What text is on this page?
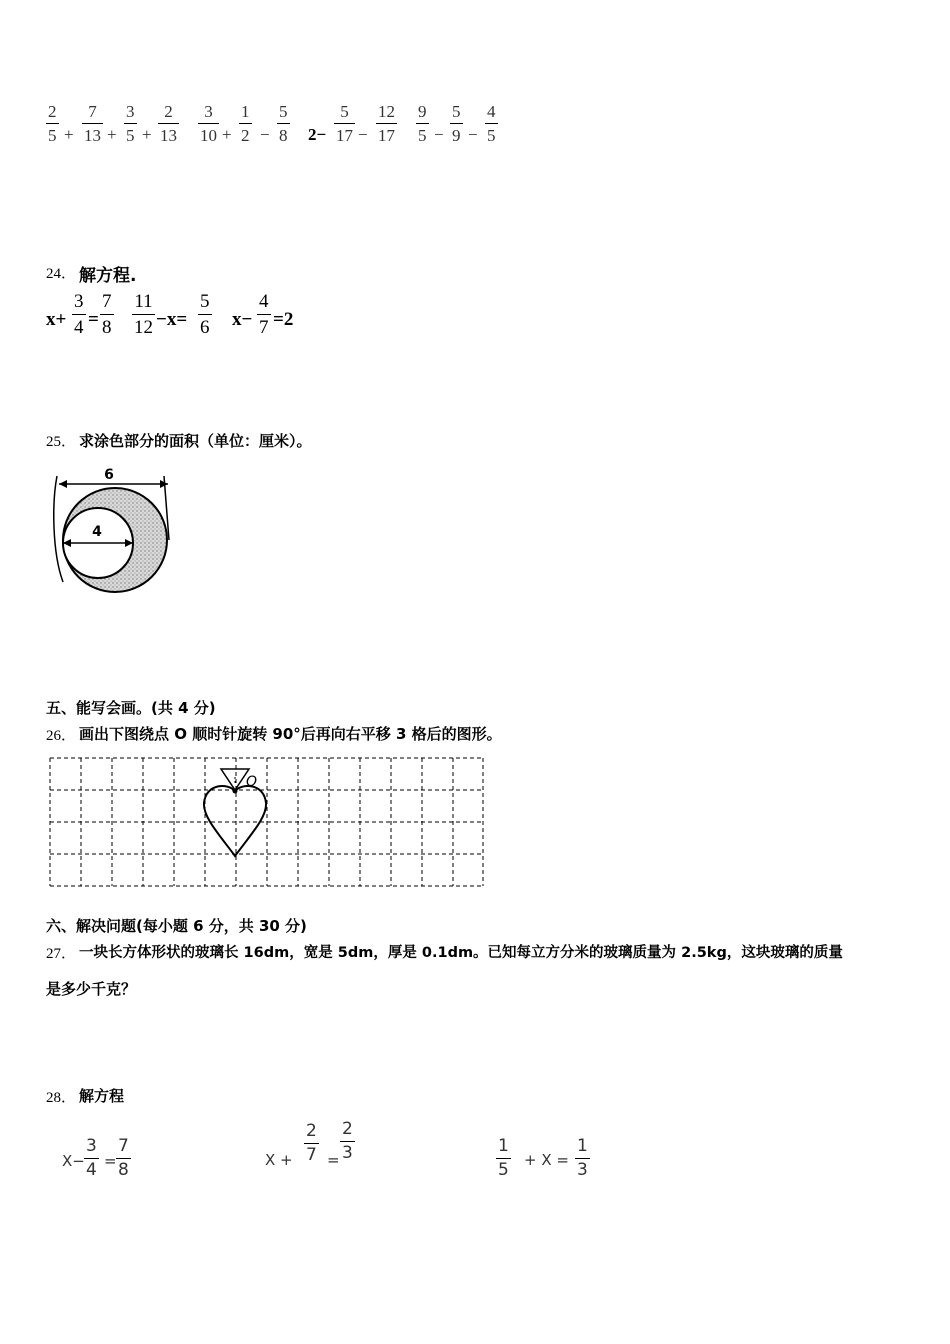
2
5 +
7
13 +
3
5 +
2
13
3
10 +
1
2 −
5
8 2−
5
17 −
12
17
9
5 −
5
9 −
4
5
24． 解方程.
x+
3
4 =
7
8
11
12 −x=
5
6 x−
4
7 =2
25． 求涂色部分的面积（单位：厘米）。
6
4
五、能写会画。(共 4 分)
26． 画出下图绕点 O 顺时针旋转 90°后再向右平移 3 格后的图形。
O
六、解决问题(每小题 6 分，共 30 分)
27． 一块长方体形状的玻璃长 16dm，宽是 5dm，厚是 0.1dm。已知每立方分米的玻璃质量为 2.5kg，这块玻璃的质量
是多少千克？
28． 解方程
X−
3
4 =
7
8	X +
2
7 =
2
3	1
5 + X =
1
3
